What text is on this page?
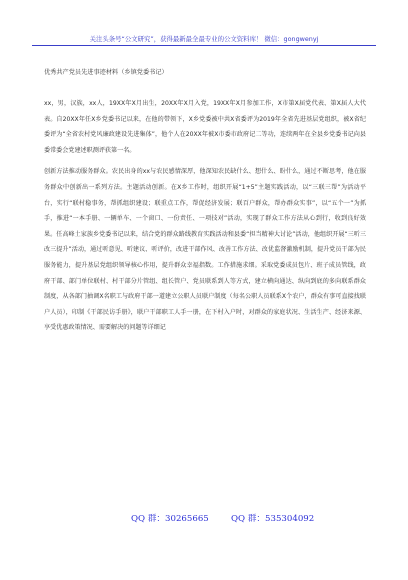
关注头条号“公文研究”，获得最新最全最专业的公文资料库！ 微信：gongwenyj
优秀共产党员先进事迹材料（乡镇党委书记）

xx，男，汉族，xx人，19XX年X月出生，20XX年X月入党，19XX年X月参加工作，X市第X届党代表、第X届人大代表。自20XX年任X乡党委书记以来，在他的带领下，X乡党委被中共X省委评为2019年全省先进基层党组织，被X省纪委评为“全省农村党风廉政建设先进集体”，他个人在20XX年被X市委市政府记二等功，连续两年在全县乡党委书记向县委常委会党建述职测评获第一名。

创新方法推动服务群众。农民出身的xx与农民感情深厚，他深知农民缺什么、想什么、盼什么，通过不断思考，他在服务群众中创新出一系列方法。主题活动创新。在X乡工作时，组织开展“1+5”主题实践活动，以“三联三帮”为活动平台，实行“联村稳事务，帮抓组织建设；联重点工作，帮促经济发展；联百户群众，帮办群众实事”，以“五个一”为抓手，推进“一本手册、一辆单车、一个窗口、一份责任、一项技对”活动，实现了群众工作方法从心到行，收到良好效果。任高峰土家族乡党委书记以来，结合党的群众路线教育实践活动和县委“担当精神大讨论”活动，他组织开展“三听三改三提升”活动，通过听意见、听建议、听评价，改进干部作风、改善工作方法、改优监督激励机制，提升党员干部为民服务能力，提升基层党组织领导核心作用，提升群众幸福指数。工作措施求细。采取党委成员包片、班子成员管线，政府干部、部门单位联村、村干部分片管组、组长管户、党员联系到人等方式，建立横向通达、纵向到底的多向联系群众制度，从各部门抽调X名职工与政府干部一道建立公职人员联户制度（每名公职人员联系X个农户，群众有事可直接找联户人员），印制《干部民访手册》，联户干部职工人手一册，在下村入户时，对群众的家庭状况、生活生产、经济来源、享受优惠政策情况、需要解决的问题等详细记

QQ 群：30265665	QQ 群：535304092
